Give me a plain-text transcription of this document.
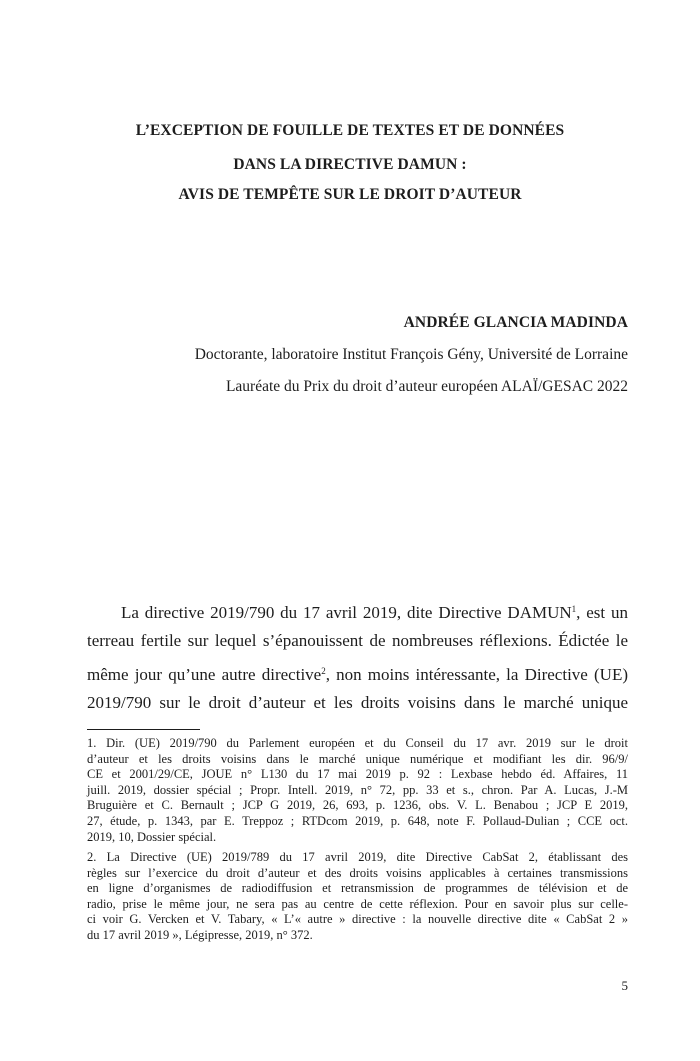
L’EXCEPTION DE FOUILLE DE TEXTES ET DE DONNÉES
DANS LA DIRECTIVE DAMUN :
AVIS DE TEMPÊTE SUR LE DROIT D’AUTEUR
ANDRÉE GLANCIA MADINDA
Doctorante, laboratoire Institut François Gény, Université de Lorraine
Lauréate du Prix du droit d’auteur européen ALAÏ/GESAC 2022
La directive 2019/790 du 17 avril 2019, dite Directive DAMUN$^1$, est un
terreau fertile sur lequel s’épanouissent de nombreuses réflexions. Édictée le
même jour qu’une autre directive$^2$, non moins intéressante, la Directive (UE)
2019/790 sur le droit d’auteur et les droits voisins dans le marché unique
1. Dir. (UE) 2019/790 du Parlement européen et du Conseil du 17 avr. 2019 sur le droit
d’auteur et les droits voisins dans le marché unique numérique et modifiant les dir. 96/9/
CE et 2001/29/CE, JOUE n° L130 du 17 mai 2019 p. 92 : Lexbase hebdo éd. Affaires, 11
juill. 2019, dossier spécial ; Propr. Intell. 2019, n° 72, pp. 33 et s., chron. Par A. Lucas, J.-M
Bruguière et C. Bernault ; JCP G 2019, 26, 693, p. 1236, obs. V. L. Benabou ; JCP E 2019,
27, étude, p. 1343, par E. Treppoz ; RTDcom 2019, p. 648, note F. Pollaud-Dulian ; CCE oct.
2019, 10, Dossier spécial.
2. La Directive (UE) 2019/789 du 17 avril 2019, dite Directive CabSat 2, établissant des
règles sur l’exercice du droit d’auteur et des droits voisins applicables à certaines transmissions
en ligne d’organismes de radiodiffusion et retransmission de programmes de télévision et de
radio, prise le même jour, ne sera pas au centre de cette réflexion. Pour en savoir plus sur celle-
ci voir G. Vercken et V. Tabary, « L’« autre » directive : la nouvelle directive dite « CabSat 2 »
du 17 avril 2019 », Légipresse, 2019, n° 372.
5
